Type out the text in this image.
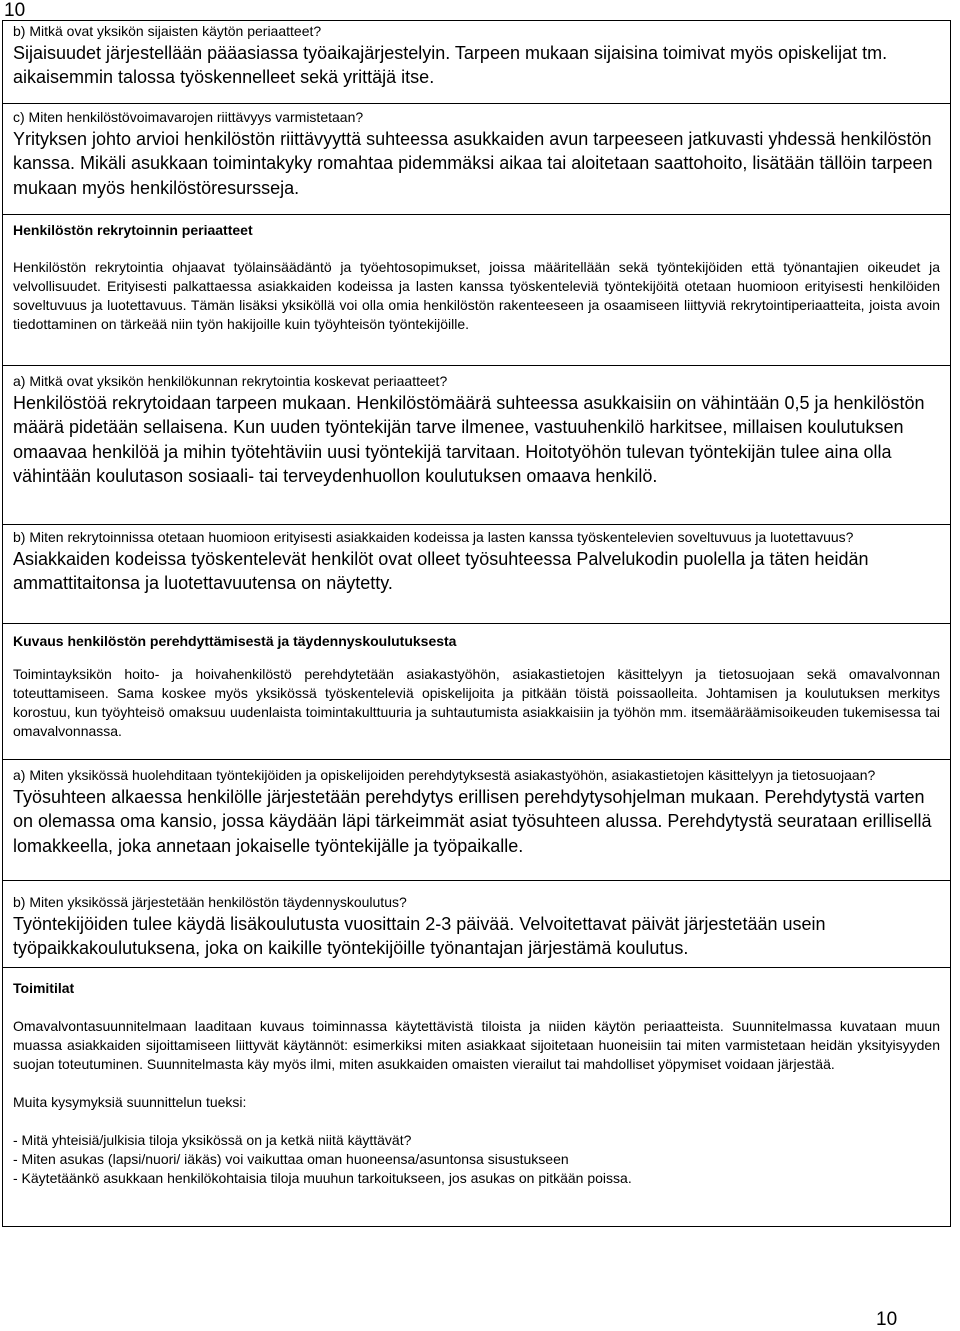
10

b) Mitkä ovat yksikön sijaisten käytön periaatteet?

Sijaisuudet järjestellään pääasiassa työaikajärjestelyin. Tarpeen mukaan sijaisina toimivat myös opiskelijat tm. aikaisemmin talossa työskennelleet sekä yrittäjä itse.

c) Miten henkilöstövoimavarojen riittävyys varmistetaan?

Yrityksen johto arvioi henkilöstön riittävyyttä suhteessa asukkaiden avun tarpeeseen jatkuvasti yhdessä henkilöstön kanssa. Mikäli asukkaan toimintakyky romahtaa pidemmäksi aikaa tai aloitetaan saattohoito, lisätään tällöin tarpeen mukaan myös henkilöstöresursseja.

Henkilöstön rekrytoinnin periaatteet

Henkilöstön rekrytointia ohjaavat työlainsäädäntö ja työehtosopimukset, joissa määritellään sekä työntekijöiden että työnantajien oikeudet ja velvollisuudet. Erityisesti palkattaessa asiakkaiden kodeissa ja lasten kanssa työskenteleviä työntekijöitä otetaan huomioon erityisesti henkilöiden soveltuvuus ja luotettavuus. Tämän lisäksi yksiköllä voi olla omia henkilöstön rakenteeseen ja osaamiseen liittyviä rekrytointiperiaatteita, joista avoin tiedottaminen on tärkeää niin työn hakijoille kuin työyhteisön työntekijöille.

a) Mitkä ovat yksikön henkilökunnan rekrytointia koskevat periaatteet?

Henkilöstöä rekrytoidaan tarpeen mukaan. Henkilöstömäärä suhteessa asukkaisiin on vähintään 0,5 ja henkilöstön määrä pidetään sellaisena. Kun uuden työntekijän tarve ilmenee, vastuuhenkilö harkitsee, millaisen koulutuksen omaavaa henkilöä ja mihin työtehtäviin uusi työntekijä tarvitaan. Hoitotyöhön tulevan työntekijän tulee aina olla vähintään koulutason sosiaali- tai terveydenhuollon koulutuksen omaava henkilö.

b) Miten rekrytoinnissa otetaan huomioon erityisesti asiakkaiden kodeissa ja lasten kanssa työskentelevien soveltuvuus ja luotettavuus?

Asiakkaiden kodeissa työskentelevät henkilöt ovat olleet työsuhteessa Palvelukodin puolella ja täten heidän ammattitaitonsa ja luotettavuutensa on näytetty.

Kuvaus henkilöstön perehdyttämisestä ja täydennyskoulutuksesta

Toimintayksikön hoito- ja hoivahenkilöstö perehdytetään asiakastyöhön, asiakastietojen käsittelyyn ja tietosuojaan sekä omavalvonnan toteuttamiseen. Sama koskee myös yksikössä työskenteleviä opiskelijoita ja pitkään töistä poissaolleita. Johtamisen ja koulutuksen merkitys korostuu, kun työyhteisö omaksuu uudenlaista toimintakulttuuria ja suhtautumista asiakkaisiin ja työhön mm. itsemääräämisoikeuden tukemisessa tai omavalvonnassa.

a) Miten yksikössä huolehditaan työntekijöiden ja opiskelijoiden perehdytyksestä asiakastyöhön, asiakastietojen käsittelyyn ja tietosuojaan?

Työsuhteen alkaessa henkilölle järjestetään perehdytys erillisen perehdytysohjelman mukaan. Perehdytystä varten on olemassa oma kansio, jossa käydään läpi tärkeimmät asiat työsuhteen alussa. Perehdytystä seurataan erillisellä lomakkeella, joka annetaan jokaiselle työntekijälle ja työpaikalle.

b) Miten yksikössä järjestetään henkilöstön täydennyskoulutus?

Työntekijöiden tulee käydä lisäkoulutusta vuosittain 2-3 päivää. Velvoitettavat päivät järjestetään usein työpaikkakoulutuksena, joka on kaikille työntekijöille työnantajan järjestämä koulutus.

Toimitilat

Omavalvontasuunnitelmaan laaditaan kuvaus toiminnassa käytettävistä tiloista ja niiden käytön periaatteista. Suunnitelmassa kuvataan muun muassa asiakkaiden sijoittamiseen liittyvät käytännöt: esimerkiksi miten asiakkaat sijoitetaan huoneisiin tai miten varmistetaan heidän yksityisyyden suojan toteutuminen. Suunnitelmasta käy myös ilmi, miten asukkaiden omaisten vierailut tai mahdolliset yöpymiset voidaan järjestää.

Muita kysymyksiä suunnittelun tueksi:

- Mitä yhteisiä/julkisia tiloja yksikössä on ja ketkä niitä käyttävät?

- Miten asukas (lapsi/nuori/ iäkäs) voi vaikuttaa oman huoneensa/asuntonsa sisustukseen

- Käytetäänkö asukkaan henkilökohtaisia tiloja muuhun tarkoitukseen, jos asukas on pitkään poissa.

10
